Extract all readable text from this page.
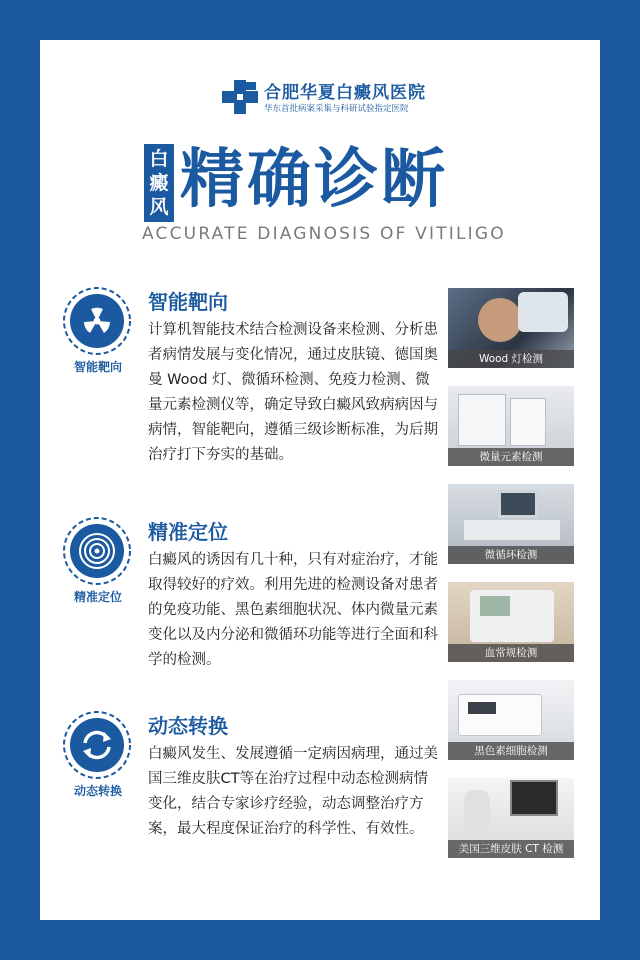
合肥华夏白癜风医院
华东首批病案采集与科研试验指定医院
白
癜
风 精确诊断
ACCURATE DIAGNOSIS OF VITILIGO
智能靶向
智能靶向
计算机智能技术结合检测设备来检测、分析患者病情发展与变化情况，通过皮肤镜、德国奥曼 Wood 灯、微循环检测、免疫力检测、微量元素检测仪等，确定导致白癜风致病病因与病情，智能靶向，遵循三级诊断标准，为后期治疗打下夯实的基础。
精准定位
精准定位
白癜风的诱因有几十种，只有对症治疗，才能取得较好的疗效。利用先进的检测设备对患者的免疫功能、黑色素细胞状况、体内微量元素变化以及内分泌和微循环功能等进行全面和科学的检测。
动态转换
动态转换
白癜风发生、发展遵循一定病因病理，通过美国三维皮肤CT等在治疗过程中动态检测病情变化，结合专家诊疗经验，动态调整治疗方案，最大程度保证治疗的科学性、有效性。
Wood 灯检测
微量元素检测
微循环检测
血常规检测
黑色素细胞检测
美国三维皮肤 CT 检测
